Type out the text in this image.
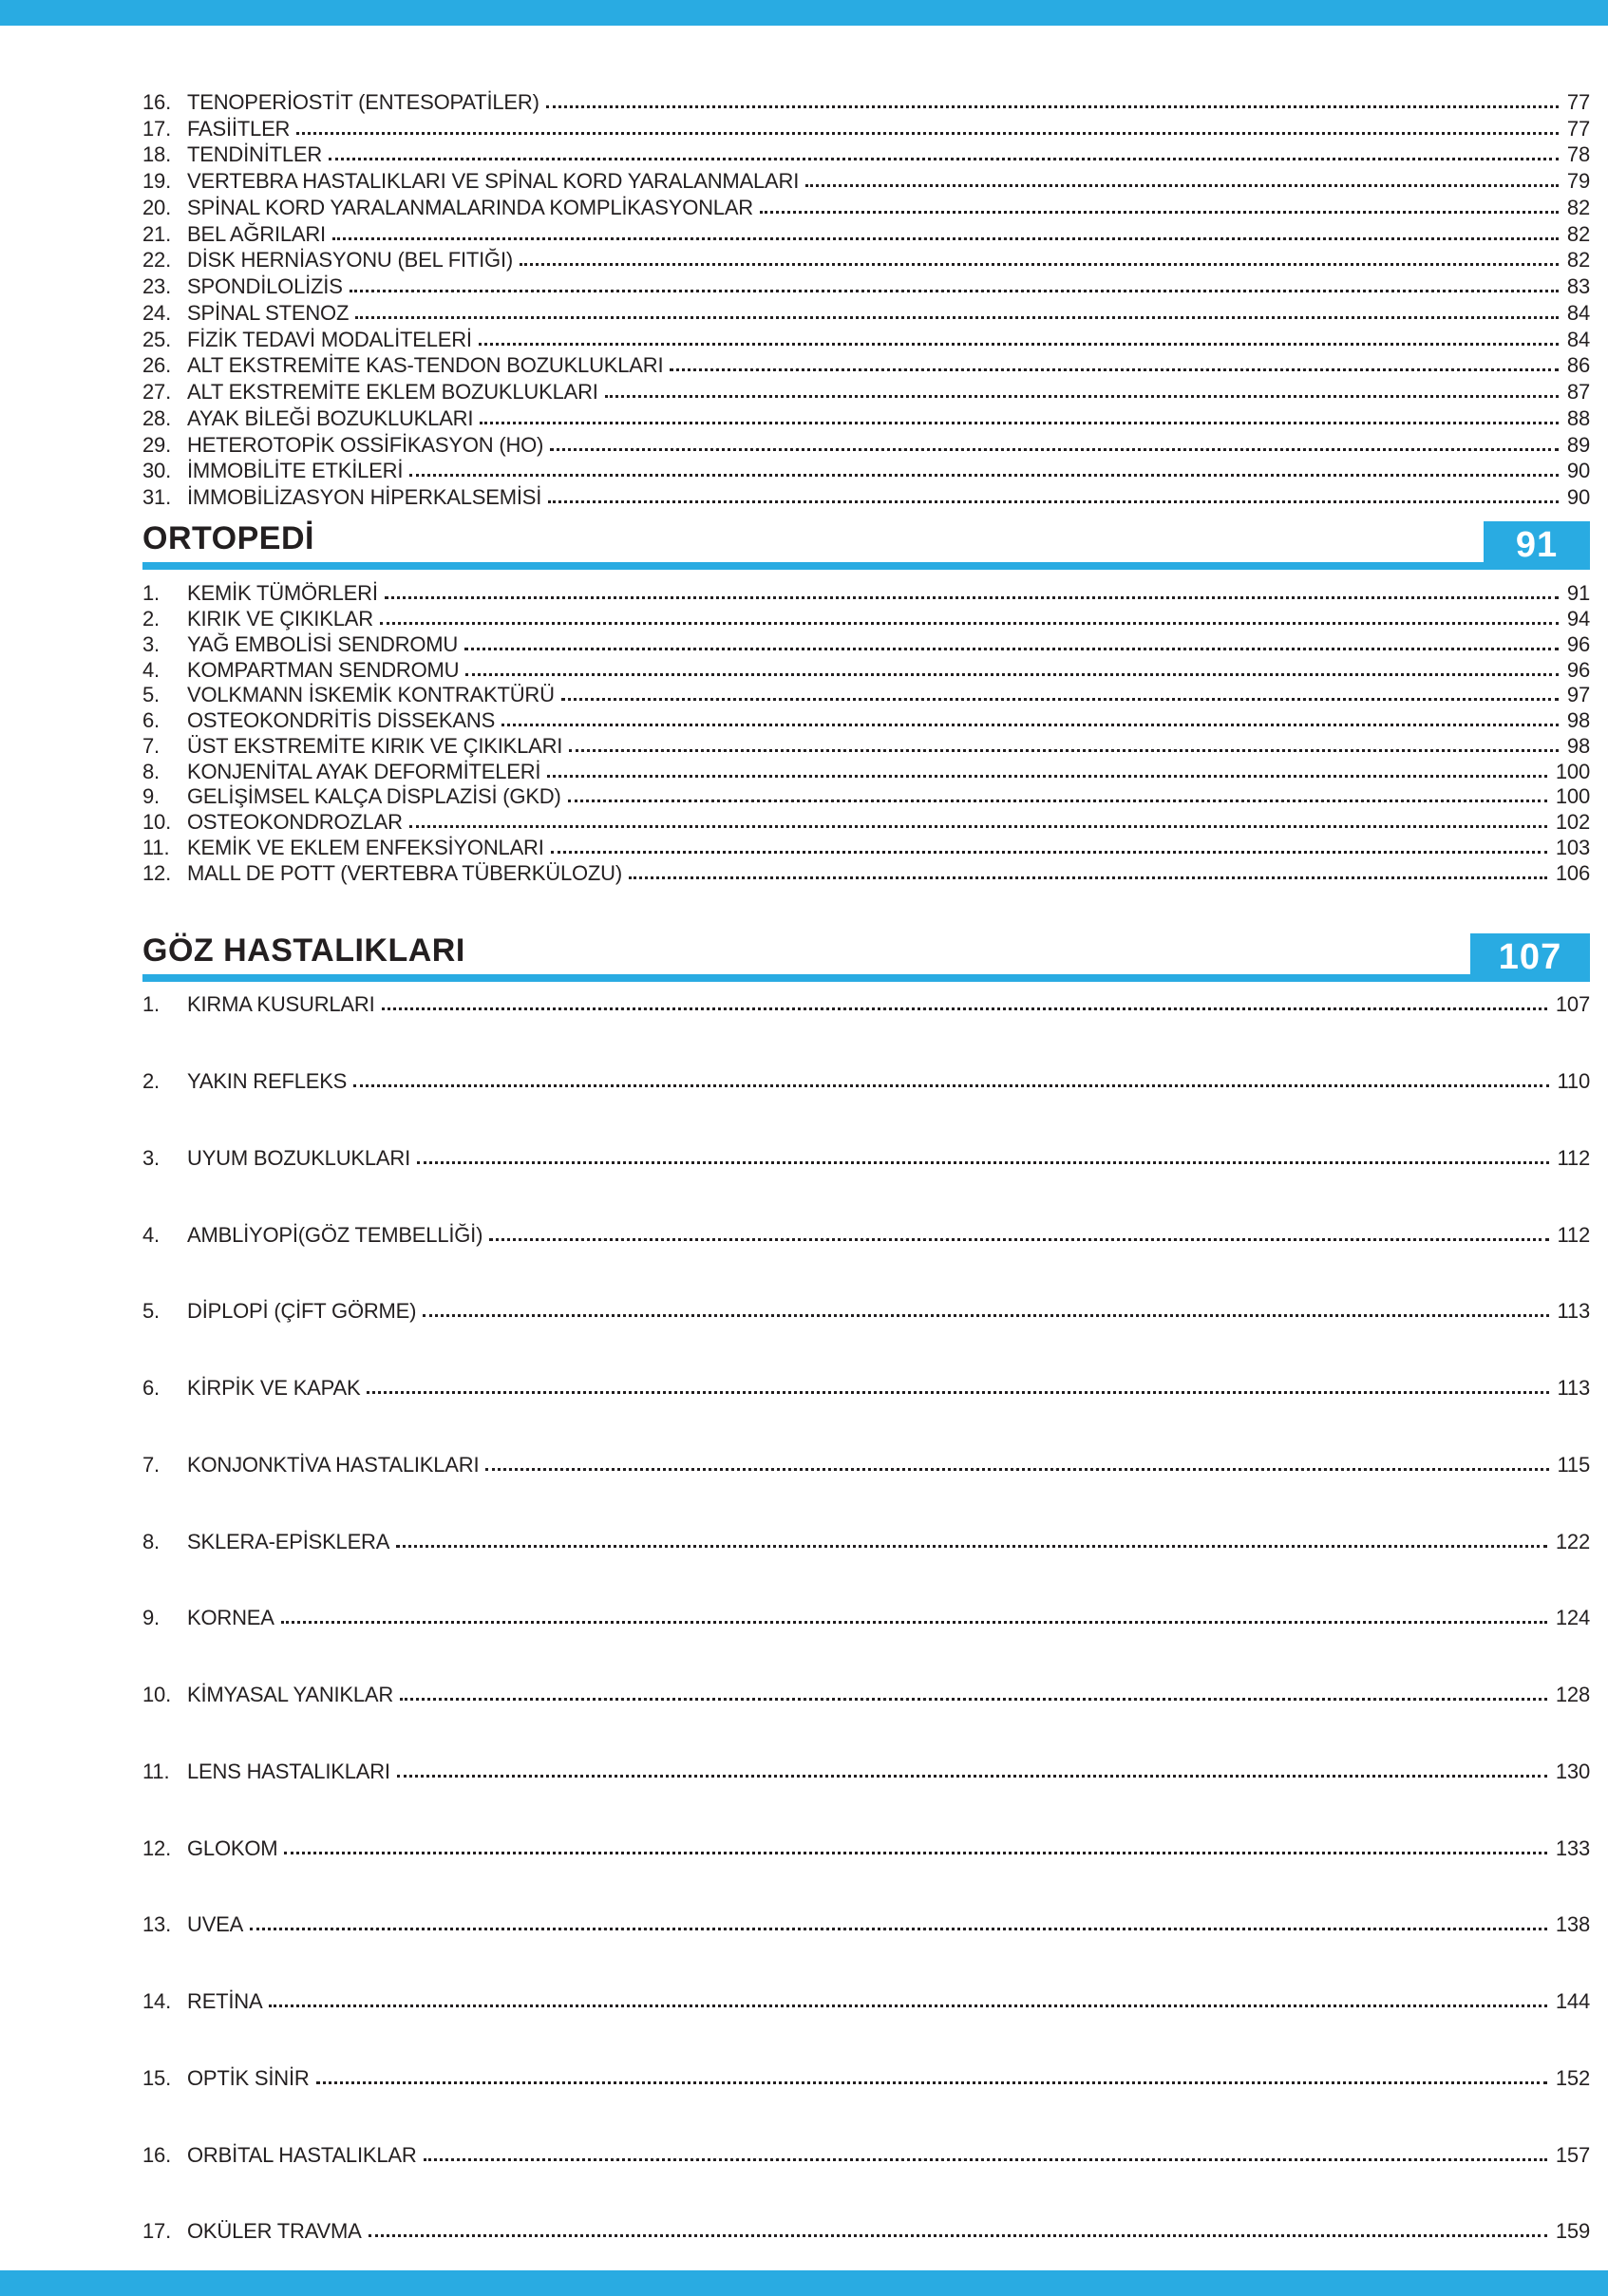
16. TENOPERİOSTİT (ENTESOPATİLER)	77
17. FASİİTLER	77
18. TENDİNİTLER	78
19. VERTEBRA HASTALIKLARI VE SPİNAL KORD YARALANMALARI	79
20. SPİNAL KORD YARALANMALARINDA KOMPLİKASYONLAR	82
21. BEL AĞRILARI	82
22. DİSK HERNİASYONU (BEL FITIĞI)	82
23. SPONDİLOLİZİS	83
24. SPİNAL STENOZ	84
25. FİZİK TEDAVİ MODALİTELERİ	84
26. ALT EKSTREMİTE KAS-TENDON BOZUKLUKLARI	86
27. ALT EKSTREMİTE EKLEM BOZUKLUKLARI	87
28. AYAK BİLEĞİ BOZUKLUKLARI	88
29. HETEROTOPİK OSSİFİKASYON (HO)	89
30. İMMOBİLİTE ETKİLERİ	90
31. İMMOBİLİZASYON HİPERKALSEMİSİ	90
ORTOPEDİ	91
1.	KEMİK TÜMÖRLERİ	91
2.	KIRIK VE ÇIKIKLAR	94
3.	YAĞ EMBOLİSİ SENDROMU	96
4.	KOMPARTMAN SENDROMU	96
5.	VOLKMANN İSKEMİK KONTRAKTÜRÜ	97
6.	OSTEOKONDRİTİS DİSSEKANS	98
7.	ÜST EKSTREMİTE KIRIK VE ÇIKIKLARI	98
8.	KONJENİTAL AYAK DEFORMİTELERİ	100
9.	GELİŞİMSEL KALÇA DİSPLAZİSİ (GKD)	100
10. OSTEOKONDROZLAR	102
11. KEMİK VE EKLEM ENFEKSİYONLARI	103
12. MALL DE POTT (VERTEBRA TÜBERKÜLOZU)	106
GÖZ HASTALIKLARI	107
1.	KIRMA KUSURLARI	107
2.	YAKIN REFLEKS	110
3.	UYUM BOZUKLUKLARI	112
4.	AMBLİYOPİ(GÖZ TEMBELLİĞİ)	112
5.	DİPLOPİ (ÇİFT GÖRME)	113
6.	KİRPİK VE KAPAK	113
7.	KONJONKTİVA HASTALIKLARI	115
8.	SKLERA-EPİSKLERA	122
9.	KORNEA	124
10. KİMYASAL YANIKLAR	128
11. LENS HASTALIKLARI	130
12. GLOKOM	133
13. UVEA	138
14. RETİNA	144
15. OPTİK SİNİR	152
16. ORBİTAL HASTALIKLAR	157
17. OKÜLER TRAVMA	159
